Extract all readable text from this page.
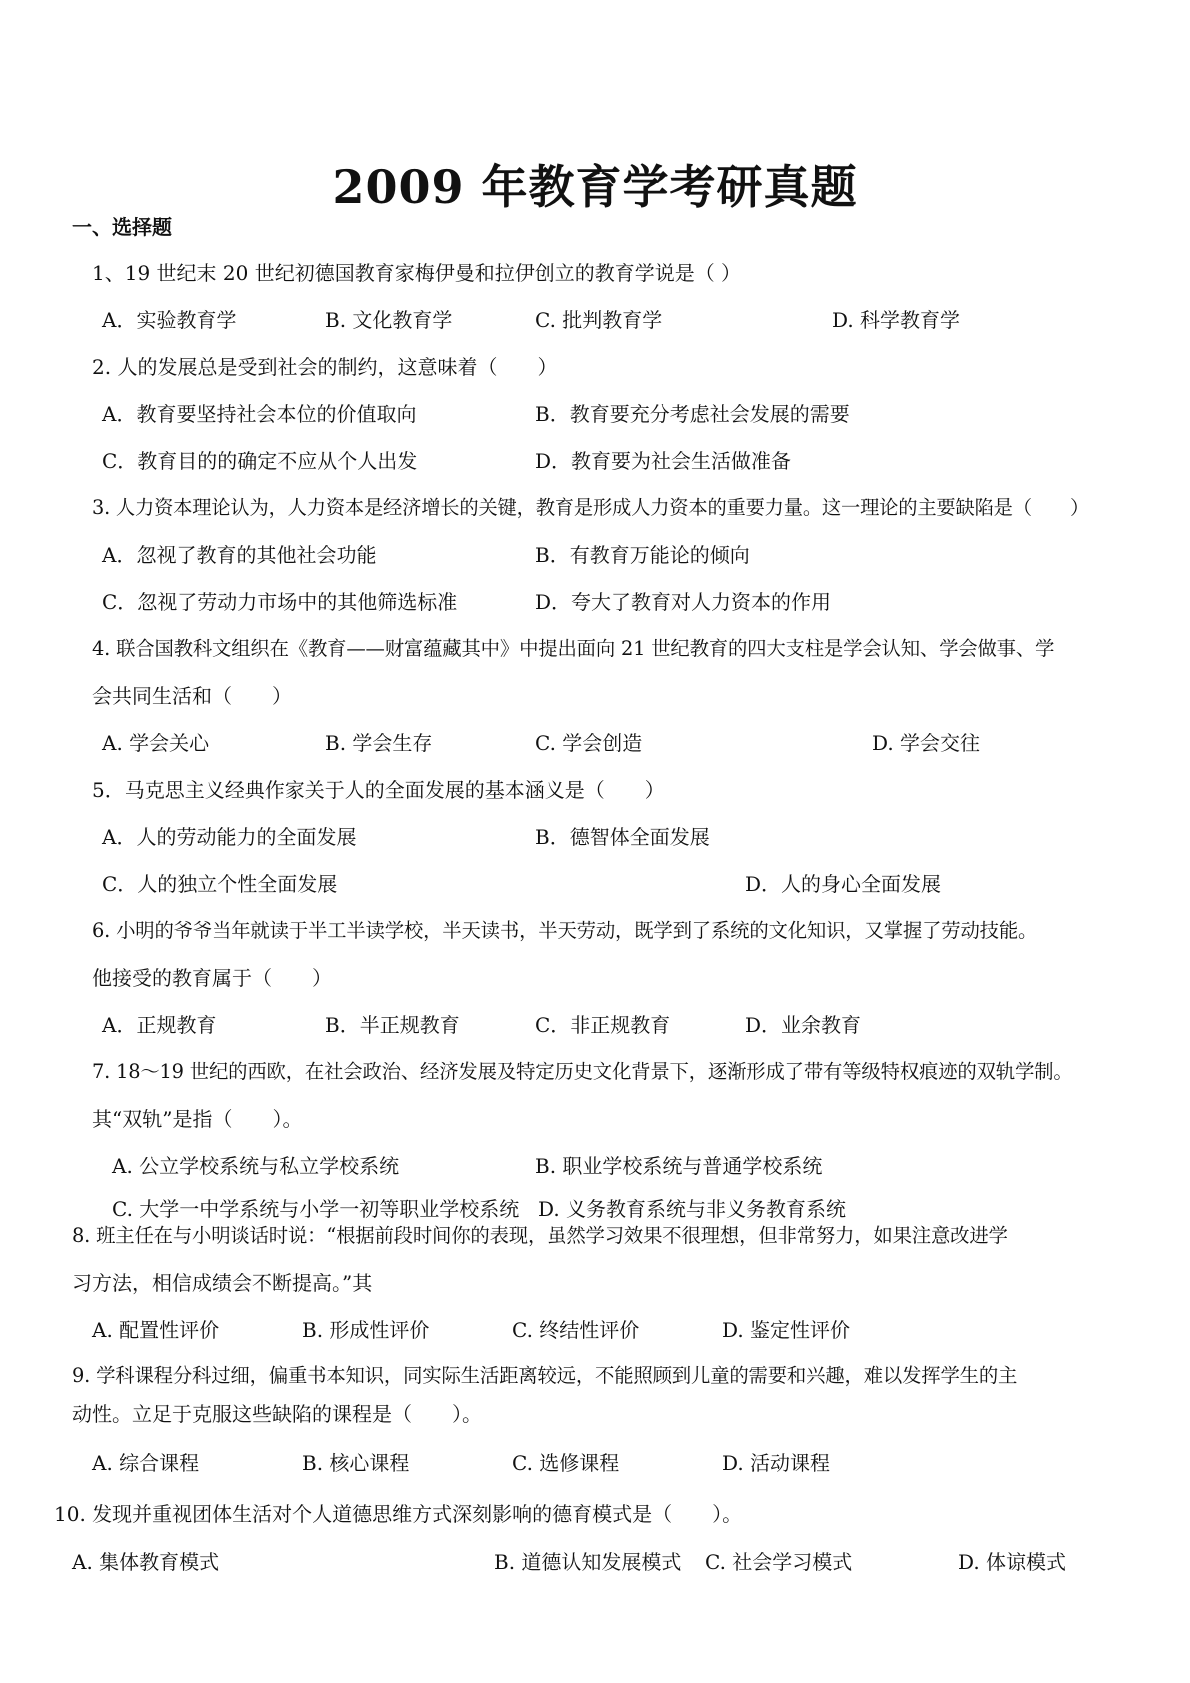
2009 年教育学考研真题
一、选择题
1、19 世纪末 20 世纪初德国教育家梅伊曼和拉伊创立的教育学说是（ ）
A．实验教育学	B. 文化教育学	C. 批判教育学	D. 科学教育学
2. 人的发展总是受到社会的制约，这意味着（　　）
A．教育要坚持社会本位的价值取向	B．教育要充分考虑社会发展的需要
C．教育目的的确定不应从个人出发	D．教育要为社会生活做准备
3. 人力资本理论认为，人力资本是经济增长的关键，教育是形成人力资本的重要力量。这一理论的主要缺陷是（　　）
A．忽视了教育的其他社会功能	B．有教育万能论的倾向
C．忽视了劳动力市场中的其他筛选标准	D．夸大了教育对人力资本的作用
4. 联合国教科文组织在《教育——财富蕴藏其中》中提出面向 21 世纪教育的四大支柱是学会认知、学会做事、学
会共同生活和（　　）
A. 学会关心	B. 学会生存	C. 学会创造	D. 学会交往
5．马克思主义经典作家关于人的全面发展的基本涵义是（　　）
A．人的劳动能力的全面发展	B．德智体全面发展
C．人的独立个性全面发展	D．人的身心全面发展
6. 小明的爷爷当年就读于半工半读学校，半天读书，半天劳动，既学到了系统的文化知识，又掌握了劳动技能。
他接受的教育属于（　　）
A．正规教育	B．半正规教育	C．非正规教育	D．业余教育
7. 18～19 世纪的西欧，在社会政治、经济发展及特定历史文化背景下，逐渐形成了带有等级特权痕迹的双轨学制。
其“双轨”是指（　　）。
A. 公立学校系统与私立学校系统	B. 职业学校系统与普通学校系统
C. 大学一中学系统与小学一初等职业学校系统 D. 义务教育系统与非义务教育系统
8. 班主任在与小明谈话时说：“根据前段时间你的表现，虽然学习效果不很理想，但非常努力，如果注意改进学
习方法，相信成绩会不断提高。”其
A. 配置性评价	B. 形成性评价	C. 终结性评价	D. 鉴定性评价
9. 学科课程分科过细，偏重书本知识，同实际生活距离较远，不能照顾到儿童的需要和兴趣，难以发挥学生的主
动性。立足于克服这些缺陷的课程是（　　）。
A. 综合课程	B. 核心课程	C. 选修课程	D. 活动课程
10. 发现并重视团体生活对个人道德思维方式深刻影响的德育模式是（　　）。
A. 集体教育模式	B. 道德认知发展模式 C. 社会学习模式	D. 体谅模式
